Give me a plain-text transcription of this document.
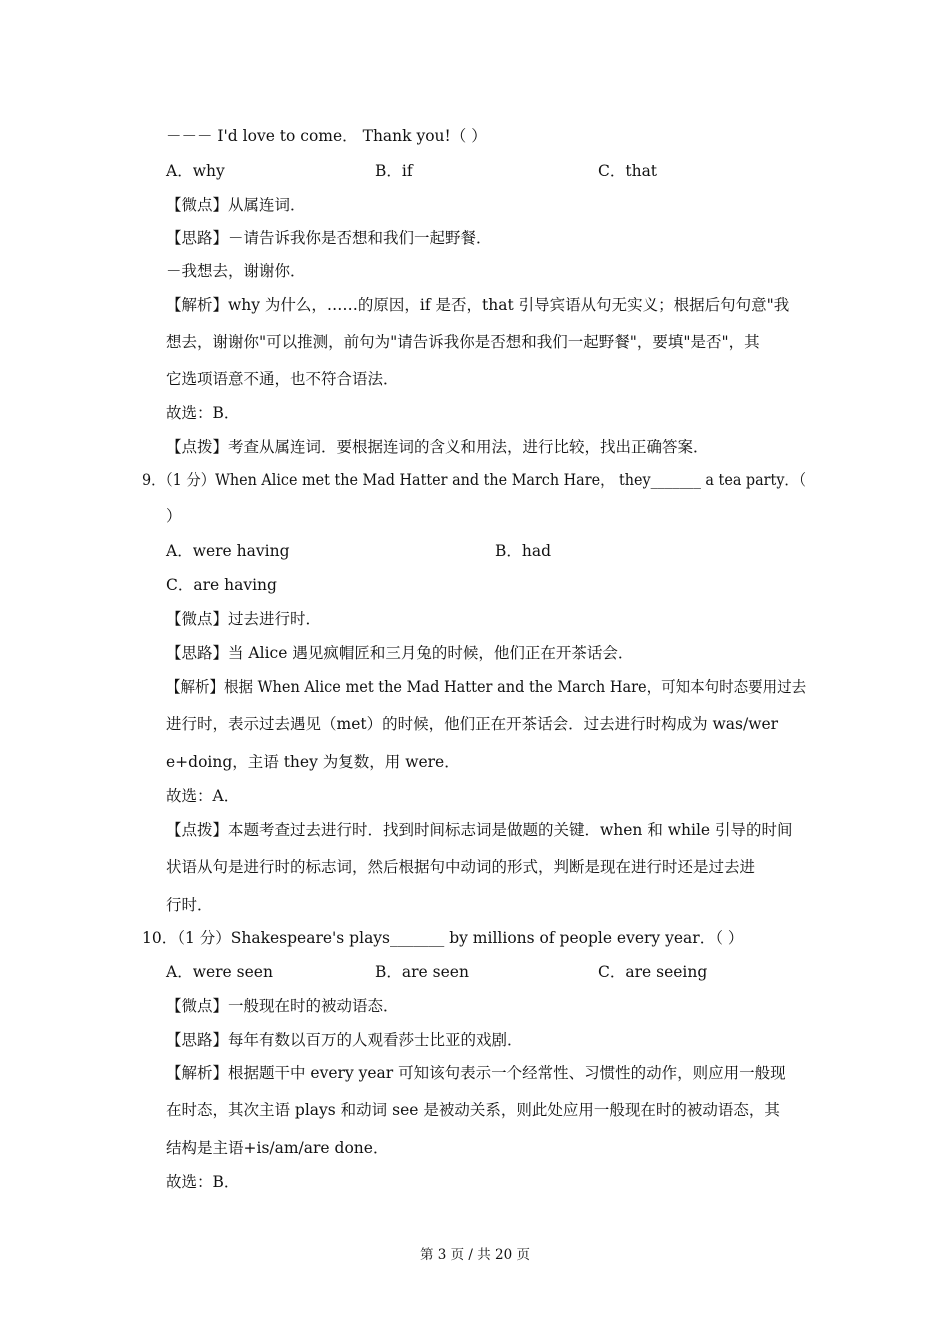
－－－ I'd love to come． Thank you!（ ）
A．why	B．if	C．that
【微点】从属连词．
【思路】－请告诉我你是否想和我们一起野餐．
－我想去，谢谢你．
【解析】why 为什么，……的原因，if 是否，that 引导宾语从句无实义；根据后句句意"我
想去，谢谢你"可以推测，前句为"请告诉我你是否想和我们一起野餐"，要填"是否"，其
它选项语意不通，也不符合语法．
故选：B．
【点拨】考查从属连词．要根据连词的含义和用法，进行比较，找出正确答案．
9．（1 分）When Alice met the Mad Hatter and the March Hare， they_______ a tea party．（
）
A．were having	B．had
C．are having
【微点】过去进行时．
【思路】当 Alice 遇见疯帽匠和三月兔的时候，他们正在开茶话会．
【解析】根据 When Alice met the Mad Hatter and the March Hare，可知本句时态要用过去
进行时，表示过去遇见（met）的时候，他们正在开茶话会．过去进行时构成为 was/wer
e+doing，主语 they 为复数，用 were．
故选：A．
【点拨】本题考查过去进行时．找到时间标志词是做题的关键．when 和 while 引导的时间
状语从句是进行时的标志词，然后根据句中动词的形式，判断是现在进行时还是过去进
行时．
10．（1 分）Shakespeare's plays_______ by millions of people every year．（ ）
A．were seen	B．are seen	C．are seeing
【微点】一般现在时的被动语态．
【思路】每年有数以百万的人观看莎士比亚的戏剧．
【解析】根据题干中 every year 可知该句表示一个经常性、习惯性的动作，则应用一般现
在时态，其次主语 plays 和动词 see 是被动关系，则此处应用一般现在时的被动语态，其
结构是主语+is/am/are done．
故选：B．
第 3 页 / 共 20 页
